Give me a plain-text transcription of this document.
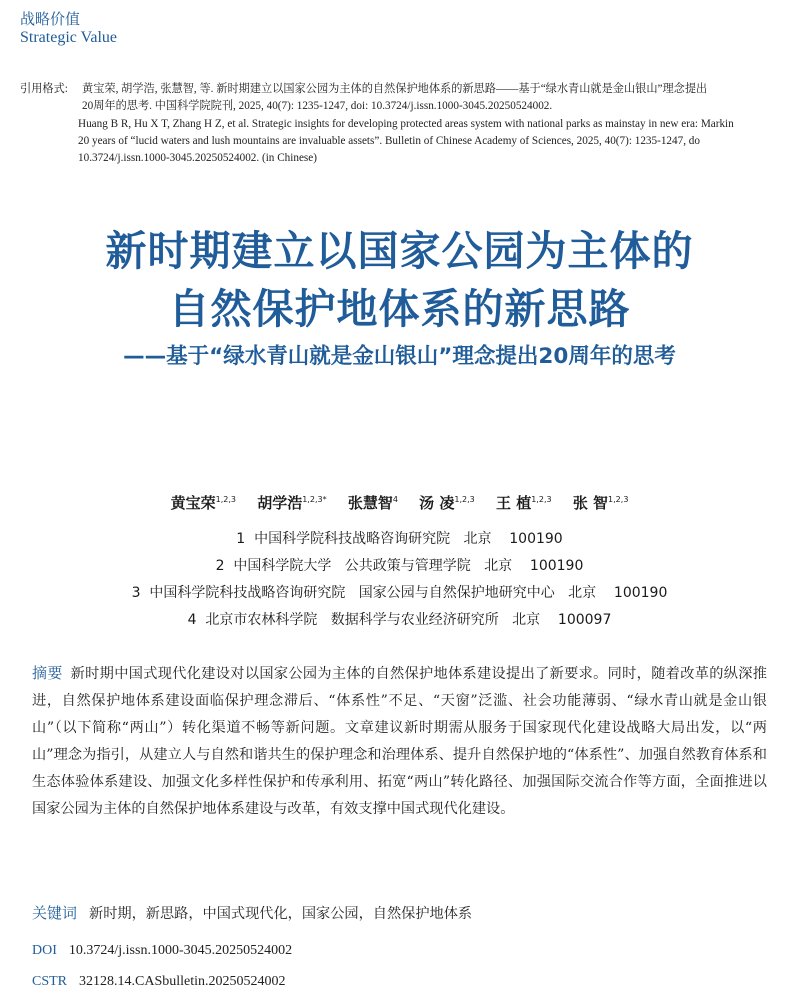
战略价值
Strategic Value
引用格式: 黄宝荣, 胡学浩, 张慧智, 等. 新时期建立以国家公园为主体的自然保护地体系的新思路——基于“绿水青山就是金山银山”理念提出
20周年的思考. 中国科学院院刊, 2025, 40(7): 1235-1247, doi: 10.3724/j.issn.1000-3045.20250524002.
Huang B R, Hu X T, Zhang H Z, et al. Strategic insights for developing protected areas system with national parks as mainstay in new era: Markin
20 years of “lucid waters and lush mountains are invaluable assets”. Bulletin of Chinese Academy of Sciences, 2025, 40(7): 1235-1247, do
10.3724/j.issn.1000-3045.20250524002. (in Chinese)
新时期建立以国家公园为主体的
自然保护地体系的新思路
——基于“绿水青山就是金山银山”理念提出20周年的思考
黄宝荣$^{1,2,3}$ 胡学浩$^{1,2,3*}$ 张慧智$^4$ 汤 凌$^{1,2,3}$ 王 植$^{1,2,3}$ 张 智$^{1,2,3}$
1  中国科学院科技战略咨询研究院   北京    100190
2  中国科学院大学   公共政策与管理学院   北京    100190
3  中国科学院科技战略咨询研究院   国家公园与自然保护地研究中心   北京    100190
4  北京市农林科学院   数据科学与农业经济研究所   北京    100097
摘要 新时期中国式现代化建设对以国家公园为主体的自然保护地体系建设提出了新要求。同时，随着改革的纵深推进，自然保护地体系建设面临保护理念滞后、“体系性”不足、“天窗”泛滥、社会功能薄弱、“绿水青山就是金山银山”（以下简称“两山”）转化渠道不畅等新问题。文章建议新时期需从服务于国家现代化建设战略大局出发，以“两山”理念为指引，从建立人与自然和谐共生的保护理念和治理体系、提升自然保护地的“体系性”、加强自然教育体系和生态体验体系建设、加强文化多样性保护和传承利用、拓宽“两山”转化路径、加强国际交流合作等方面，全面推进以国家公园为主体的自然保护地体系建设与改革，有效支撑中国式现代化建设。
关键词 新时期，新思路，中国式现代化，国家公园，自然保护地体系
DOI 10.3724/j.issn.1000-3045.20250524002
CSTR 32128.14.CASbulletin.20250524002
